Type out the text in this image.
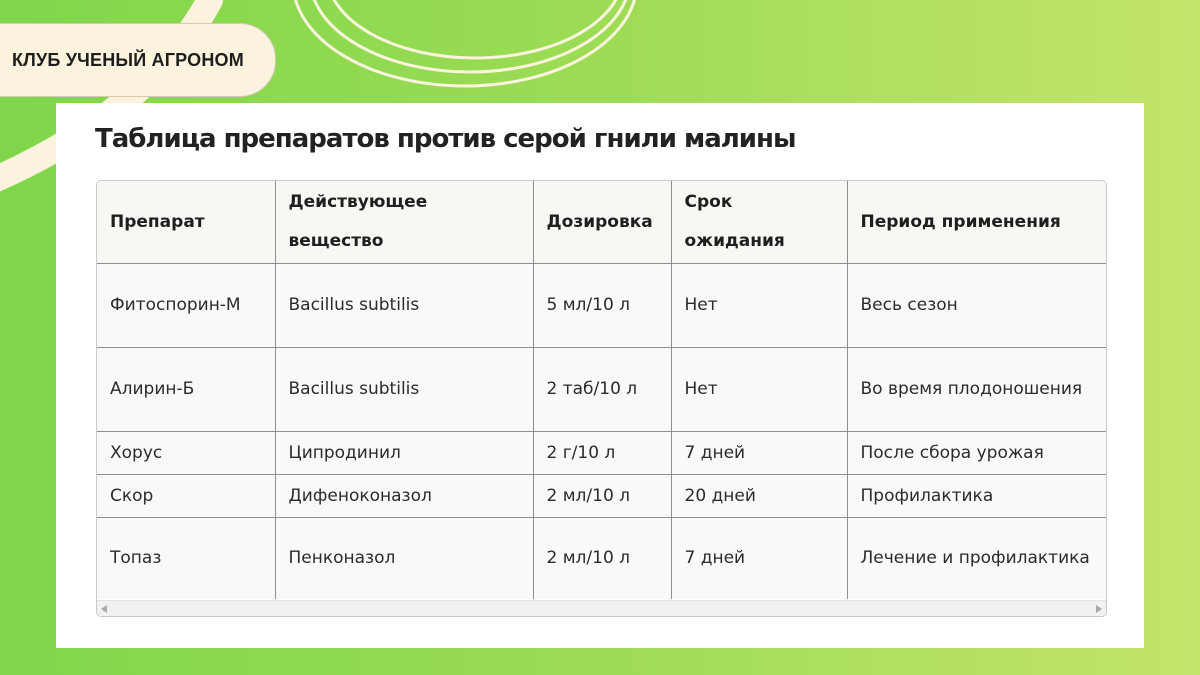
КЛУБ УЧЕНЫЙ АГРОНОМ
Таблица препаратов против серой гнили малины
Препарат	Действующее вещество	Дозировка	Срок ожидания	Период применения
Фитоспорин-М	Bacillus subtilis	5 мл/10 л	Нет	Весь сезон
Алирин-Б	Bacillus subtilis	2 таб/10 л	Нет	Во время плодоношения
Хорус	Ципродинил	2 г/10 л	7 дней	После сбора урожая
Скор	Дифеноконазол	2 мл/10 л	20 дней	Профилактика
Топаз	Пенконазол	2 мл/10 л	7 дней	Лечение и профилактика
